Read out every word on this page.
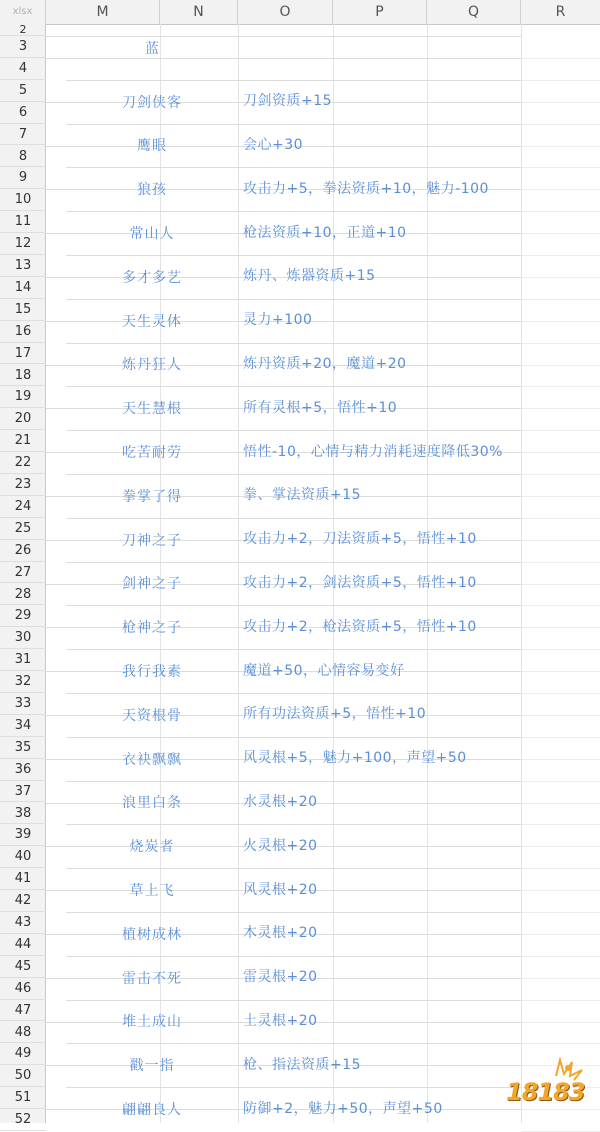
xlsx	M	N	O	P	Q	R
2
3
4
5
6
7
8
9
10
11
12
13
14
15
16
17
18
19
20
21
22
23
24
25
26
27
28
29
30
31
32
33
34
35
36
37
38
39
40
41
42
43
44
45
46
47
48
49
50
51
52
蓝
刀剑侠客	刀剑资质+15
鹰眼	会心+30
狼孩	攻击力+5，拳法资质+10，魅力-100
常山人	枪法资质+10，正道+10
多才多艺	炼丹、炼器资质+15
天生灵体	灵力+100
炼丹狂人	炼丹资质+20，魔道+20
天生慧根	所有灵根+5，悟性+10
吃苦耐劳	悟性-10，心情与精力消耗速度降低30%
拳掌了得	拳、掌法资质+15
刀神之子	攻击力+2，刀法资质+5，悟性+10
剑神之子	攻击力+2，剑法资质+5，悟性+10
枪神之子	攻击力+2，枪法资质+5，悟性+10
我行我素	魔道+50，心情容易变好
天资根骨	所有功法资质+5，悟性+10
衣袂飘飘	风灵根+5，魅力+100，声望+50
浪里白条	水灵根+20
烧炭者	火灵根+20
草上飞	风灵根+20
植树成林	木灵根+20
雷击不死	雷灵根+20
堆土成山	土灵根+20
戳一指	枪、指法资质+15
翩翩良人	防御+2，魅力+50，声望+50
18183
